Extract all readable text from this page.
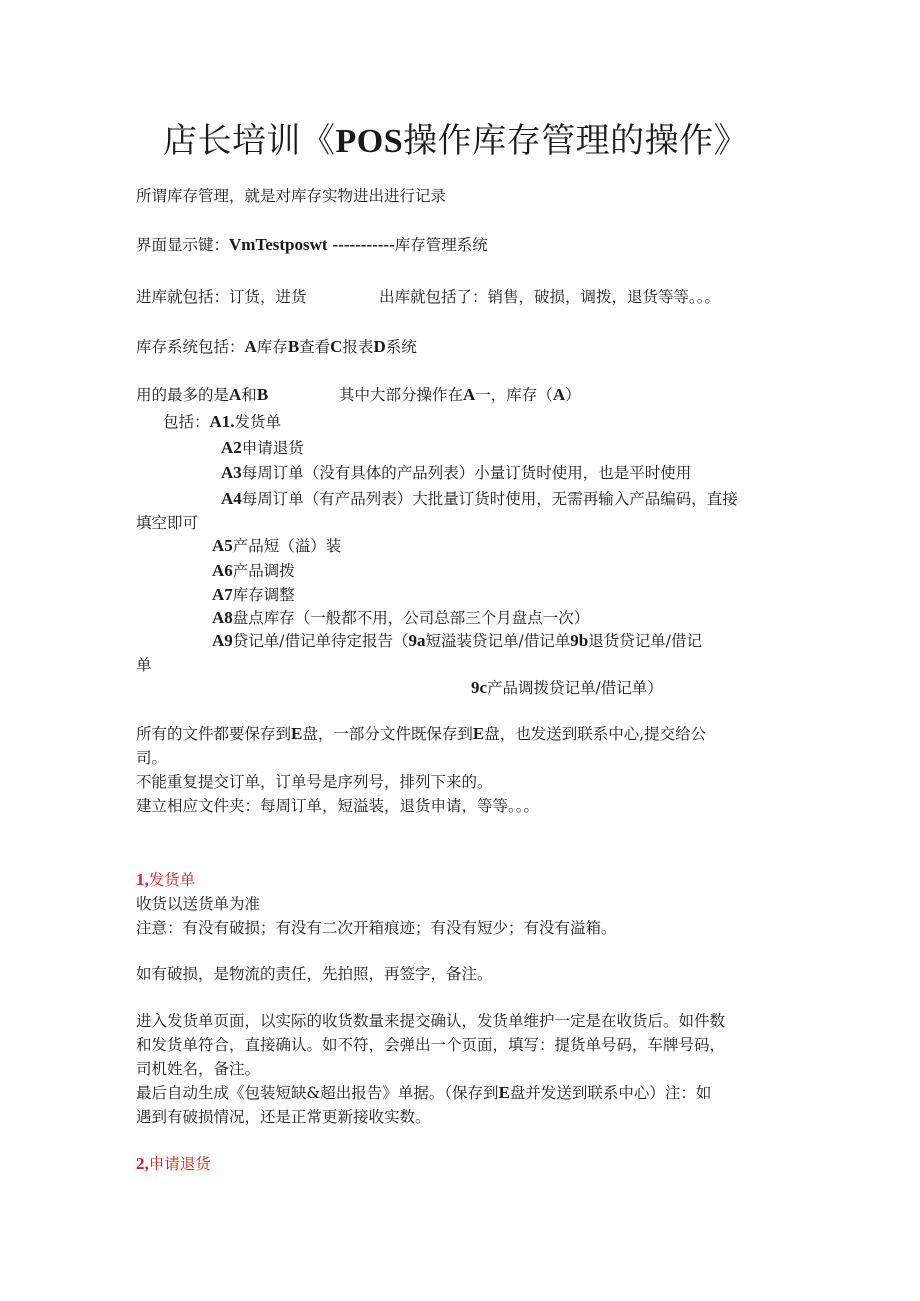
店长培训《POS操作库存管理的操作》
所谓库存管理，就是对库存实物进出进行记录
界面显示键：VmTestposwt -----------库存管理系统
进库就包括：订货，进货	出库就包括了：销售，破损，调拨，退货等等。。。
库存系统包括：A库存B查看C报表D系统
用的最多的是A和B	其中大部分操作在A一，库存（A）
包括：A1.发货单
A2申请退货
A3每周订单（没有具体的产品列表）小量订货时使用，也是平时使用
A4每周订单（有产品列表）大批量订货时使用，无需再输入产品编码，直接
填空即可
A5产品短（溢）装
A6产品调拨
A7库存调整
A8盘点库存（一般都不用，公司总部三个月盘点一次）
A9贷记单/借记单待定报告（9a短溢装贷记单/借记单9b退货贷记单/借记
单
9c产品调拨贷记单/借记单）
所有的文件都要保存到E盘，一部分文件既保存到E盘，也发送到联系中心,提交给公
司。
不能重复提交订单，订单号是序列号，排列下来的。
建立相应文件夹：每周订单，短溢装，退货申请，等等。。。
1,发货单
收货以送货单为准
注意：有没有破损；有没有二次开箱痕迹；有没有短少；有没有溢箱。
如有破损，是物流的责任，先拍照，再签字，备注。
进入发货单页面，以实际的收货数量来提交确认，发货单维护一定是在收货后。如件数
和发货单符合，直接确认。如不符，会弹出一个页面，填写：提货单号码，车牌号码，
司机姓名，备注。
最后自动生成《包装短缺&超出报告》单据。（保存到E盘并发送到联系中心）注：如
遇到有破损情况，还是正常更新接收实数。
2,申请退货
